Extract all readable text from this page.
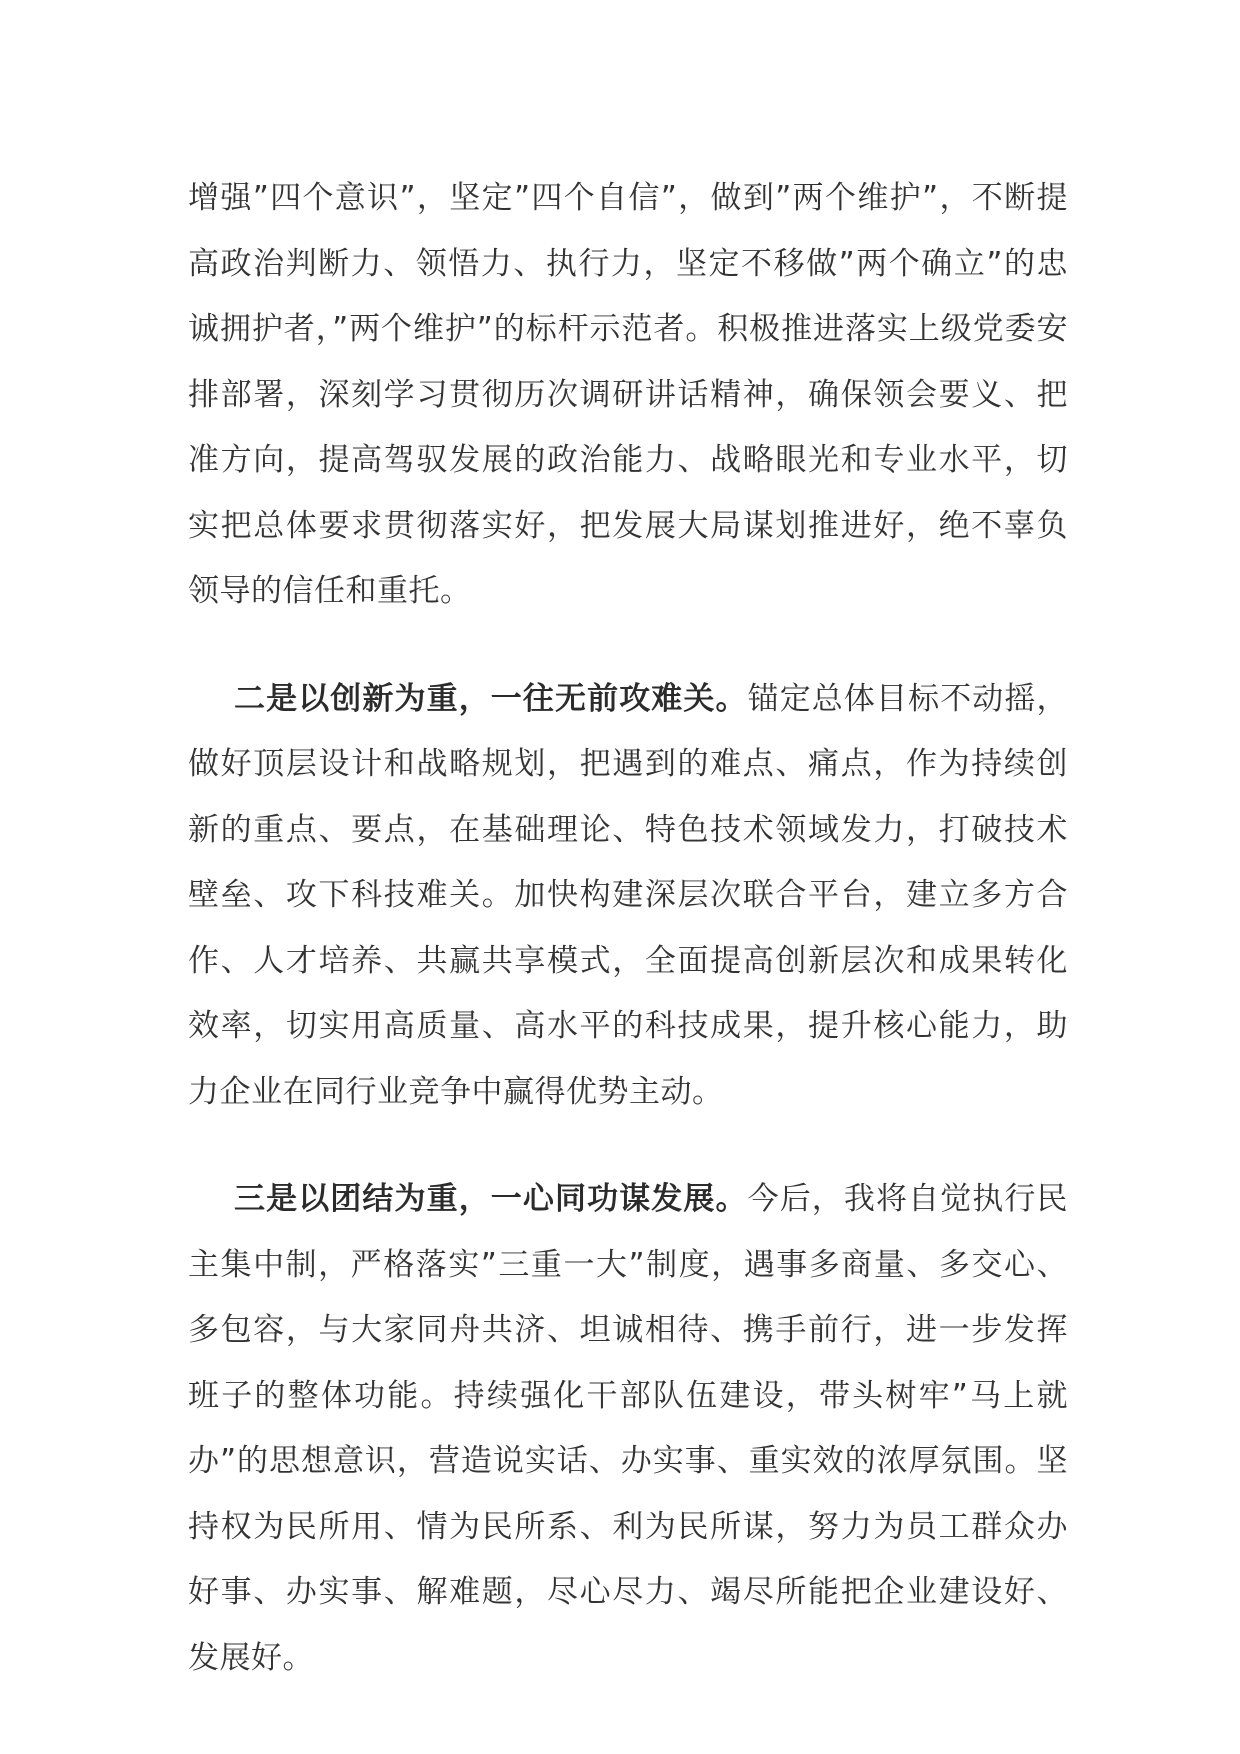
增强”四个意识”，坚定”四个自信”，做到”两个维护”，不断提高政治判断力、领悟力、执行力，坚定不移做”两个确立”的忠诚拥护者，”两个维护”的标杆示范者。积极推进落实上级党委安排部署，深刻学习贯彻历次调研讲话精神，确保领会要义、把准方向，提高驾驭发展的政治能力、战略眼光和专业水平，切实把总体要求贯彻落实好，把发展大局谋划推进好，绝不辜负领导的信任和重托。

二是以创新为重，一往无前攻难关。锚定总体目标不动摇，做好顶层设计和战略规划，把遇到的难点、痛点，作为持续创新的重点、要点，在基础理论、特色技术领域发力，打破技术壁垒、攻下科技难关。加快构建深层次联合平台，建立多方合作、人才培养、共赢共享模式，全面提高创新层次和成果转化效率，切实用高质量、高水平的科技成果，提升核心能力，助力企业在同行业竞争中赢得优势主动。

三是以团结为重，一心同功谋发展。今后，我将自觉执行民主集中制，严格落实”三重一大”制度，遇事多商量、多交心、多包容，与大家同舟共济、坦诚相待、携手前行，进一步发挥班子的整体功能。持续强化干部队伍建设，带头树牢”马上就办”的思想意识，营造说实话、办实事、重实效的浓厚氛围。坚持权为民所用、情为民所系、利为民所谋，努力为员工群众办好事、办实事、解难题，尽心尽力、竭尽所能把企业建设好、发展好。
